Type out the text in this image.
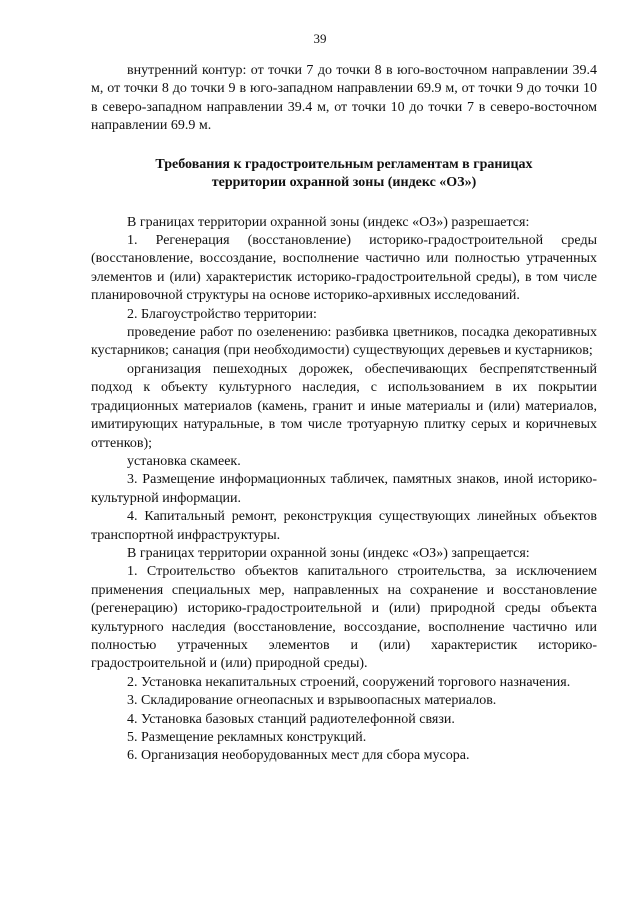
39

внутренний контур: от точки 7 до точки 8 в юго-восточном направлении 39.4 м, от точки 8 до точки 9 в юго-западном направлении 69.9 м, от точки 9 до точки 10 в северо-западном направлении 39.4 м, от точки 10 до точки 7 в северо-восточном направлении 69.9 м.

Требования к градостроительным регламентам в границах
территории охранной зоны (индекс «ОЗ»)

В границах территории охранной зоны (индекс «ОЗ») разрешается:

1. Регенерация (восстановление) историко-градостроительной среды (восстановление, воссоздание, восполнение частично или полностью утраченных элементов и (или) характеристик историко-градостроительной среды), в том числе планировочной структуры на основе историко-архивных исследований.

2. Благоустройство территории:

проведение работ по озеленению: разбивка цветников, посадка декоративных кустарников; санация (при необходимости) существующих деревьев и кустарников;

организация пешеходных дорожек, обеспечивающих беспрепятственный подход к объекту культурного наследия, с использованием в их покрытии традиционных материалов (камень, гранит и иные материалы и (или) материалов, имитирующих натуральные, в том числе тротуарную плитку серых и коричневых оттенков);

установка скамеек.

3. Размещение информационных табличек, памятных знаков, иной историко-культурной информации.

4. Капитальный ремонт, реконструкция существующих линейных объектов транспортной инфраструктуры.

В границах территории охранной зоны (индекс «ОЗ») запрещается:

1. Строительство объектов капитального строительства, за исключением применения специальных мер, направленных на сохранение и восстановление (регенерацию) историко-градостроительной и (или) природной среды объекта культурного наследия (восстановление, воссоздание, восполнение частично или полностью утраченных элементов и (или) характеристик историко-градостроительной и (или) природной среды).

2. Установка некапитальных строений, сооружений торгового назначения.

3. Складирование огнеопасных и взрывоопасных материалов.

4. Установка базовых станций радиотелефонной связи.

5. Размещение рекламных конструкций.

6. Организация необорудованных мест для сбора мусора.
